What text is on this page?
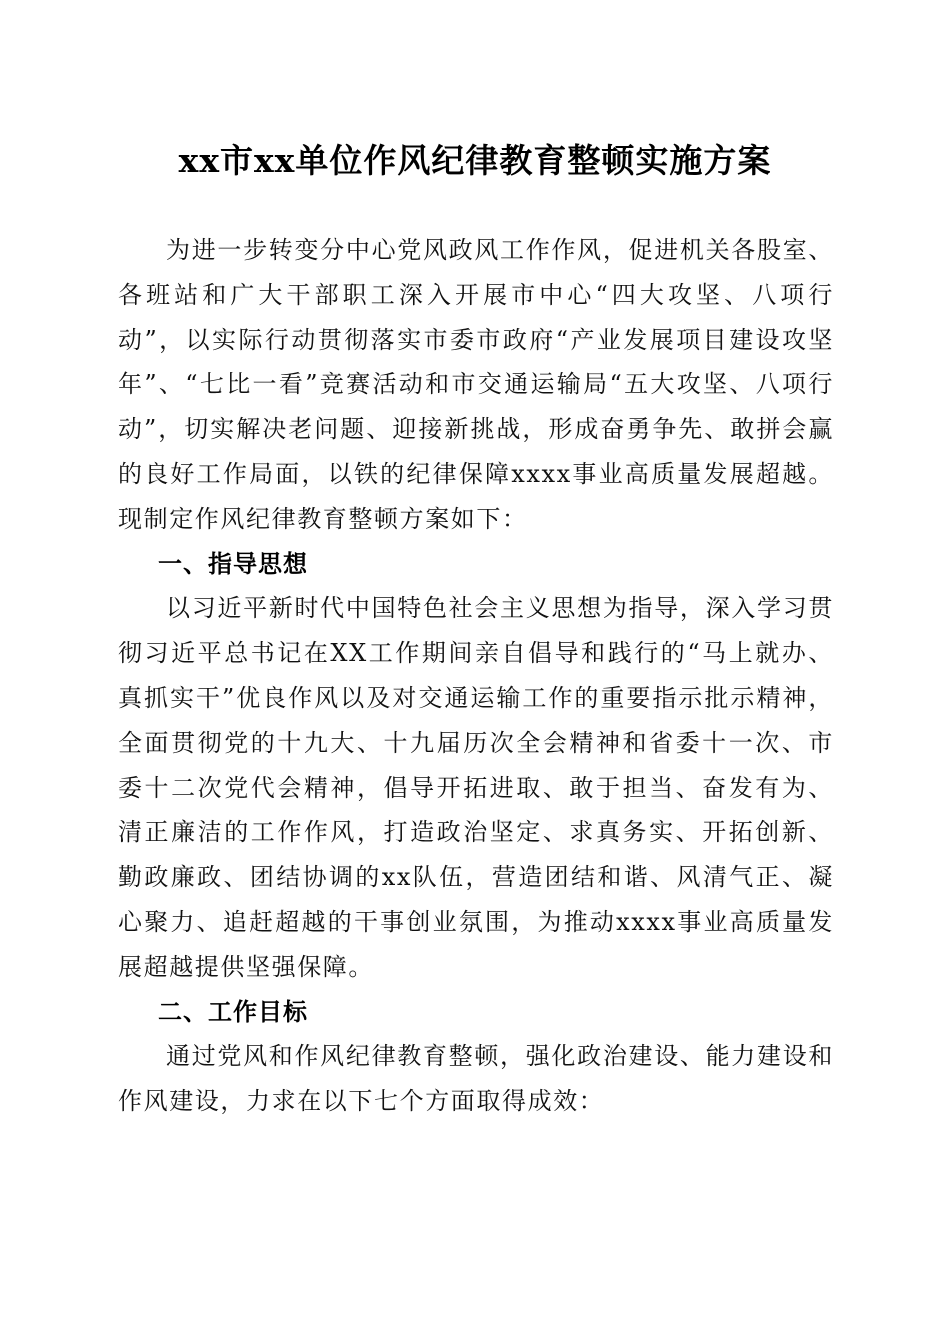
xx市xx单位作风纪律教育整顿实施方案

为进一步转变分中心党风政风工作作风，促进机关各股室、各班站和广大干部职工深入开展市中心“四大攻坚、八项行动”，以实际行动贯彻落实市委市政府“产业发展项目建设攻坚年”、“七比一看”竞赛活动和市交通运输局“五大攻坚、八项行动”，切实解决老问题、迎接新挑战，形成奋勇争先、敢拼会赢的良好工作局面，以铁的纪律保障xxxx事业高质量发展超越。现制定作风纪律教育整顿方案如下：

一、指导思想

以习近平新时代中国特色社会主义思想为指导，深入学习贯彻习近平总书记在XX工作期间亲自倡导和践行的“马上就办、真抓实干”优良作风以及对交通运输工作的重要指示批示精神，全面贯彻党的十九大、十九届历次全会精神和省委十一次、市委十二次党代会精神，倡导开拓进取、敢于担当、奋发有为、清正廉洁的工作作风，打造政治坚定、求真务实、开拓创新、勤政廉政、团结协调的xx队伍，营造团结和谐、风清气正、凝心聚力、追赶超越的干事创业氛围，为推动xxxx事业高质量发展超越提供坚强保障。

二、工作目标

通过党风和作风纪律教育整顿，强化政治建设、能力建设和作风建设，力求在以下七个方面取得成效：
